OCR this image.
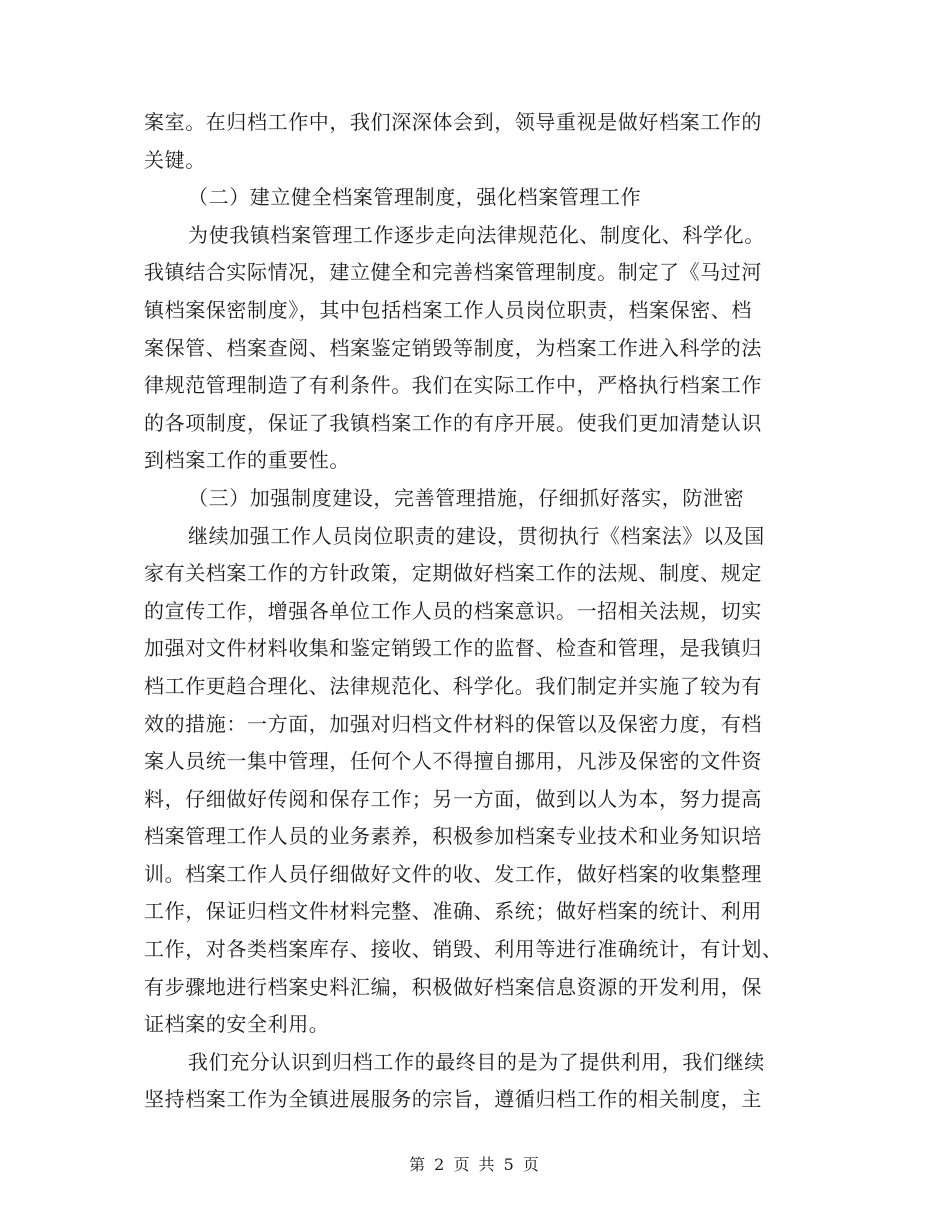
案室。在归档工作中，我们深深体会到，领导重视是做好档案工作的
关键。
（二）建立健全档案管理制度，强化档案管理工作
为使我镇档案管理工作逐步走向法律规范化、制度化、科学化。
我镇结合实际情况，建立健全和完善档案管理制度。制定了《马过河
镇档案保密制度》，其中包括档案工作人员岗位职责，档案保密、档
案保管、档案查阅、档案鉴定销毁等制度，为档案工作进入科学的法
律规范管理制造了有利条件。我们在实际工作中，严格执行档案工作
的各项制度，保证了我镇档案工作的有序开展。使我们更加清楚认识
到档案工作的重要性。
（三）加强制度建设，完善管理措施，仔细抓好落实，防泄密
继续加强工作人员岗位职责的建设，贯彻执行《档案法》以及国
家有关档案工作的方针政策，定期做好档案工作的法规、制度、规定
的宣传工作，增强各单位工作人员的档案意识。一招相关法规，切实
加强对文件材料收集和鉴定销毁工作的监督、检查和管理，是我镇归
档工作更趋合理化、法律规范化、科学化。我们制定并实施了较为有
效的措施：一方面，加强对归档文件材料的保管以及保密力度，有档
案人员统一集中管理，任何个人不得擅自挪用，凡涉及保密的文件资
料，仔细做好传阅和保存工作；另一方面，做到以人为本，努力提高
档案管理工作人员的业务素养，积极参加档案专业技术和业务知识培
训。档案工作人员仔细做好文件的收、发工作，做好档案的收集整理
工作，保证归档文件材料完整、准确、系统；做好档案的统计、利用
工作，对各类档案库存、接收、销毁、利用等进行准确统计，有计划、
有步骤地进行档案史料汇编，积极做好档案信息资源的开发利用，保
证档案的安全利用。
我们充分认识到归档工作的最终目的是为了提供利用，我们继续
坚持档案工作为全镇进展服务的宗旨，遵循归档工作的相关制度，主
第 2 页 共 5 页
